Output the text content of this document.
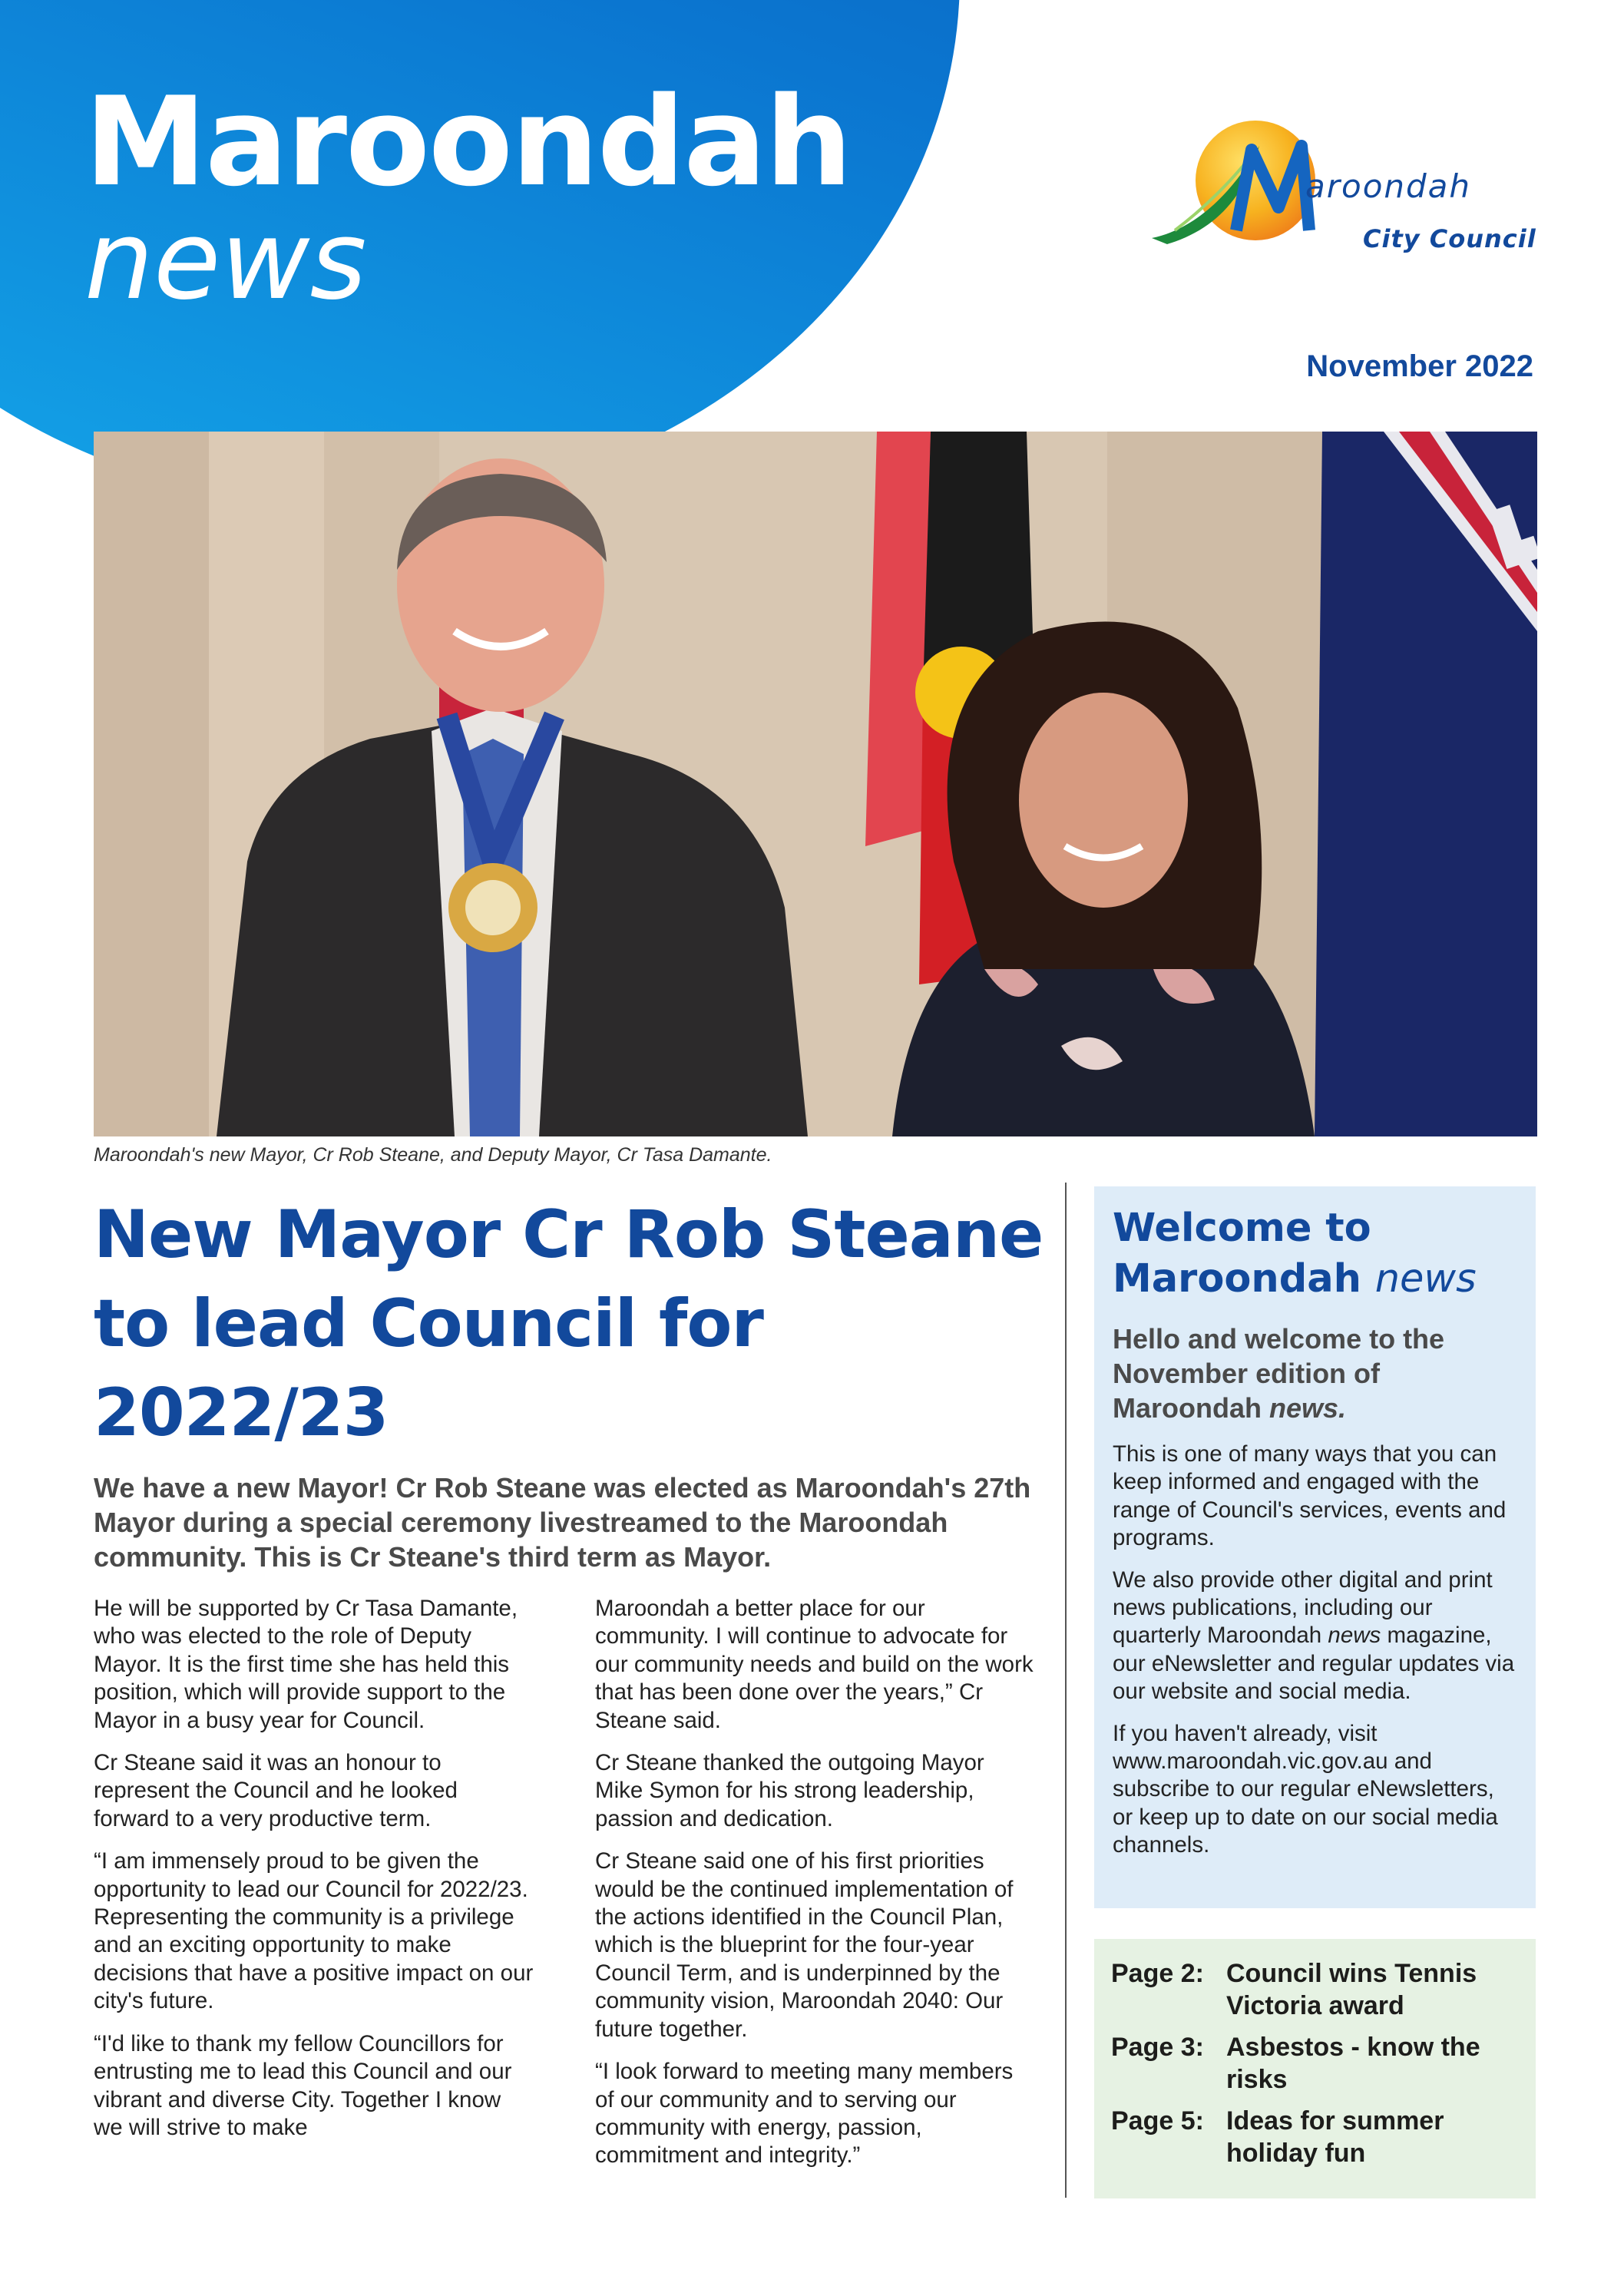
Maroondah
news
aroondah
City Council
November 2022
Maroondah's new Mayor, Cr Rob Steane, and Deputy Mayor, Cr Tasa Damante.
New Mayor Cr Rob Steane to lead Council for 2022/23
We have a new Mayor! Cr Rob Steane was elected as Maroondah's 27th Mayor during a special ceremony livestreamed to the Maroondah community. This is Cr Steane's third term as Mayor.

He will be supported by Cr Tasa Damante, who was elected to the role of Deputy Mayor. It is the first time she has held this position, which will provide support to the Mayor in a busy year for Council.

Cr Steane said it was an honour to represent the Council and he looked forward to a very productive term.

“I am immensely proud to be given the opportunity to lead our Council for 2022/23. Representing the community is a privilege and an exciting opportunity to make decisions that have a positive impact on our city's future.

“I'd like to thank my fellow Councillors for entrusting me to lead this Council and our vibrant and diverse City. Together I know we will strive to make

Maroondah a better place for our community. I will continue to advocate for our community needs and build on the work that has been done over the years,” Cr Steane said.

Cr Steane thanked the outgoing Mayor Mike Symon for his strong leadership, passion and dedication.

Cr Steane said one of his first priorities would be the continued implementation of the actions identified in the Council Plan, which is the blueprint for the four-year Council Term, and is underpinned by the community vision, Maroondah 2040: Our future together.

“I look forward to meeting many members of our community and to serving our community with energy, passion, commitment and integrity.”

Welcome to
Maroondah news
Hello and welcome to the November edition of Maroondah news.

This is one of many ways that you can keep informed and engaged with the range of Council's services, events and programs.

We also provide other digital and print news publications, including our quarterly Maroondah news magazine, our eNewsletter and regular updates via our website and social media.

If you haven't already, visit www.maroondah.vic.gov.au and subscribe to our regular eNewsletters, or keep up to date on our social media channels.

Page 2: Council wins Tennis Victoria award
Page 3: Asbestos - know the risks
Page 5: Ideas for summer holiday fun
